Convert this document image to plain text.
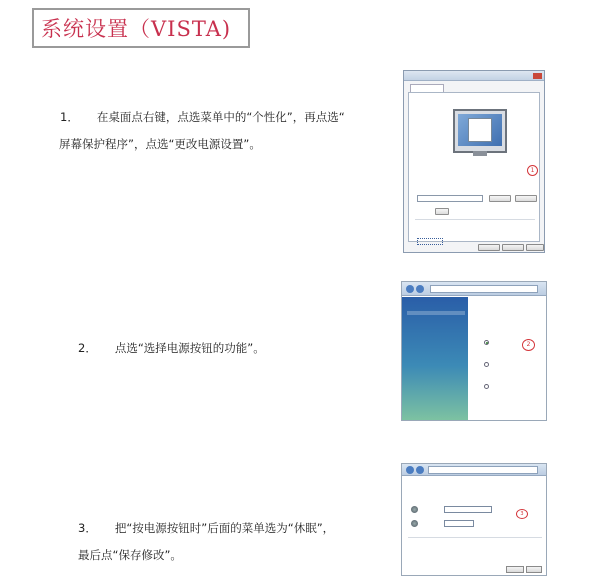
系统设置（VISTA)
1． 在桌面点右键，点选菜单中的“个性化”，再点选“
屏幕保护程序”，点选“更改电源设置”。
2． 点选“选择电源按钮的功能”。
3． 把“按电源按钮时”后面的菜单选为“休眠”，
最后点“保存修改”。
1
2
3
